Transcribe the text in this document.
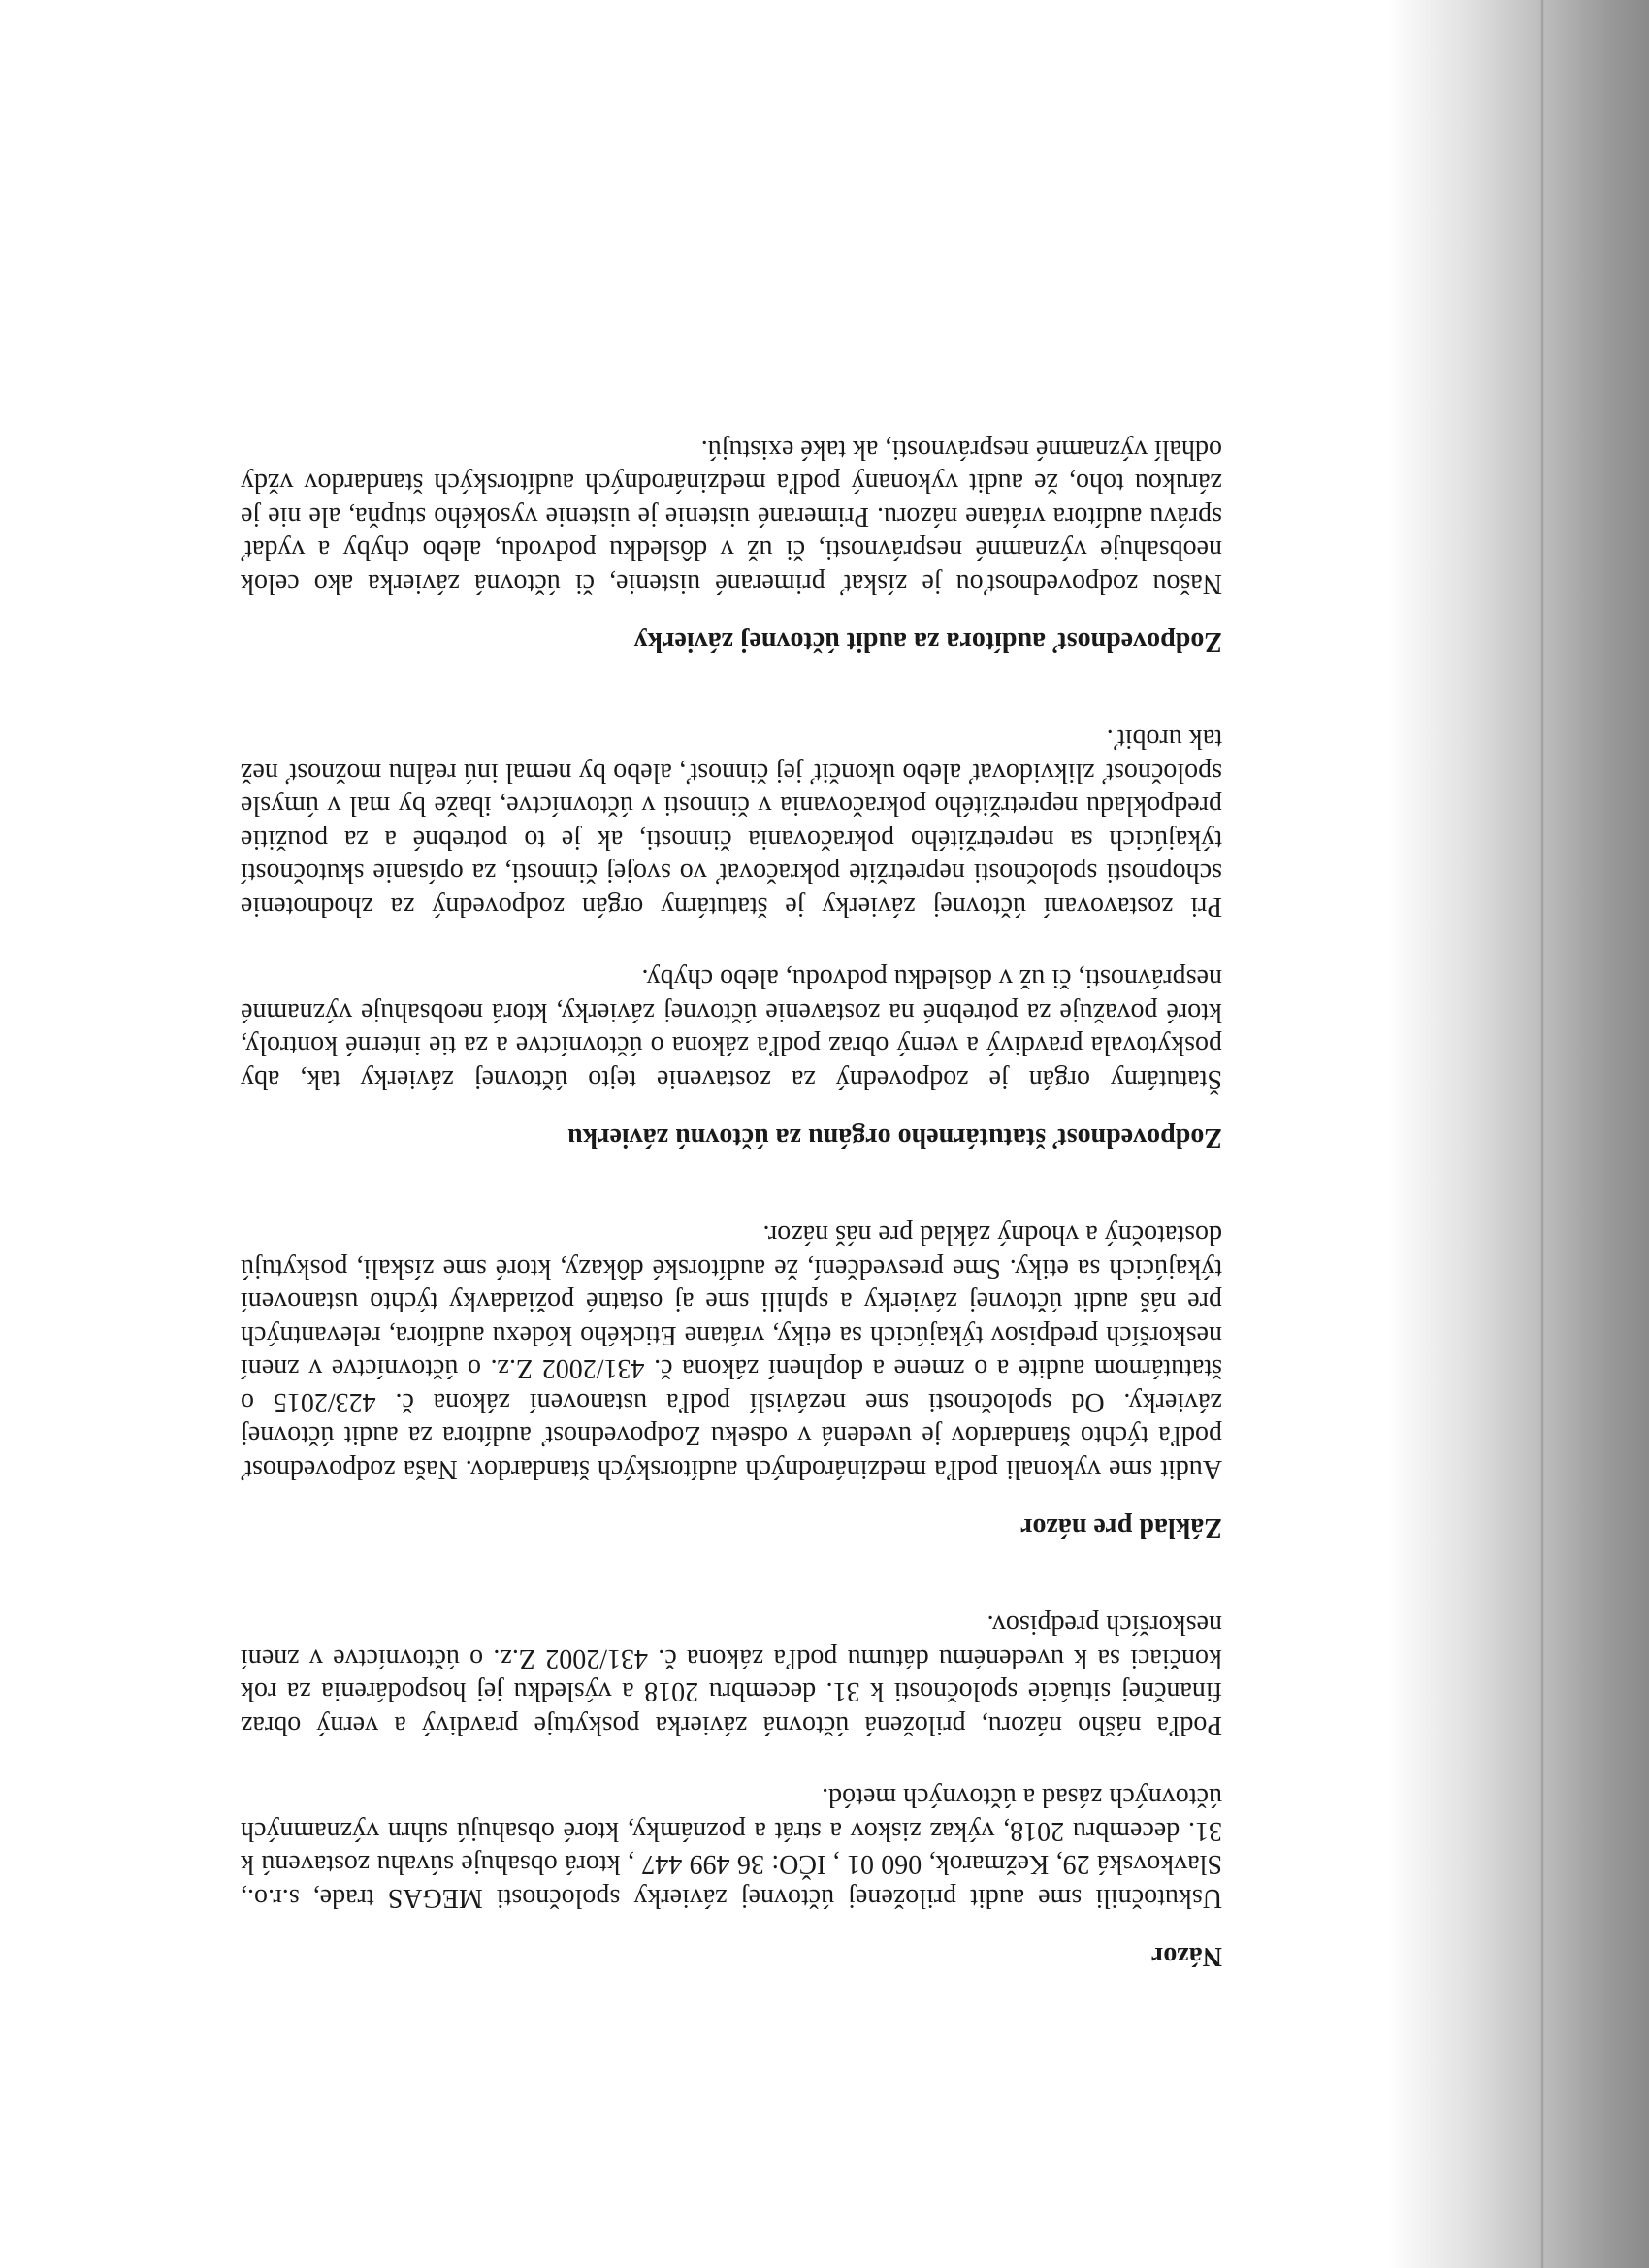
Názor
Uskutočnili sme audit priloženej účtovnej závierky spoločnosti MEGAS trade, s.r.o., Slavkovská 29, Kežmarok, 060 01 , IČO: 36 499 447 , ktorá obsahuje súvahu zostavenú k 31. decembru 2018, výkaz ziskov a strát a poznámky, ktoré obsahujú súhrn významných účtovných zásad a účtovných metód.
Podľa nášho názoru, priložená účtovná závierka poskytuje pravdivý a verný obraz finančnej situácie spoločnosti k 31. decembru 2018 a výsledku jej hospodárenia za rok končiaci sa k uvedenému dátumu podľa zákona č. 431/2002 Z.z. o účtovníctve v znení neskorších predpisov.
Základ pre názor
Audit sme vykonali podľa medzinárodných audítorských štandardov. Naša zodpovednosť podľa týchto štandardov je uvedená v odseku Zodpovednosť audítora za audit účtovnej závierky. Od spoločnosti sme nezávislí podľa ustanovení zákona č. 423/2015 o štatutárnom audite a o zmene a doplnení zákona č. 431/2002 Z.z. o účtovníctve v znení neskorších predpisov týkajúcich sa etiky, vrátane Etického kódexu audítora, relevantných pre náš audit účtovnej závierky a splnili sme aj ostatné požiadavky týchto ustanovení týkajúcich sa etiky. Sme presvedčení, že audítorské dôkazy, ktoré sme získali, poskytujú dostatočný a vhodný základ pre náš názor.
Zodpovednosť štatutárneho orgánu za účtovnú závierku
Štatutárny orgán je zodpovedný za zostavenie tejto účtovnej závierky tak, aby poskytovala pravdivý a verný obraz podľa zákona o účtovníctve a za tie interné kontroly, ktoré považuje za potrebné na zostavenie účtovnej závierky, ktorá neobsahuje významné nesprávnosti, či už v dôsledku podvodu, alebo chyby.
Pri zostavovaní účtovnej závierky je štatutárny orgán zodpovedný za zhodnotenie schopnosti spoločnosti nepretržite pokračovať vo svojej činnosti, za opísanie skutočností týkajúcich sa nepretržitého pokračovania činnosti, ak je to potrebné a za použitie predpokladu nepretržitého pokračovania v činnosti v účtovníctve, ibaže by mal v úmysle spoločnosť zlikvidovať alebo ukončiť jej činnosť, alebo by nemal inú reálnu možnosť než tak urobiť.
Zodpovednosť audítora za audit účtovnej závierky
Našou zodpovednosťou je získať primerané uistenie, či účtovná závierka ako celok neobsahuje významné nesprávnosti, či už v dôsledku podvodu, alebo chyby a vydať správu audítora vrátane názoru. Primerané uistenie je uistenie vysokého stupňa, ale nie je zárukou toho, že audit vykonaný podľa medzinárodných audítorských štandardov vždy odhalí významné nesprávnosti, ak také existujú.
